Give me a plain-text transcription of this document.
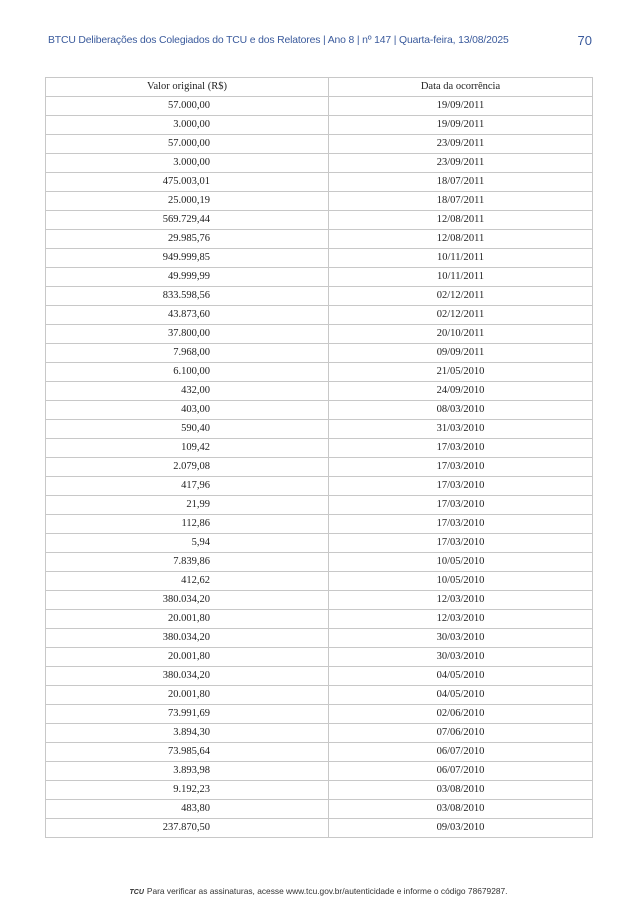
BTCU Deliberações dos Colegiados do TCU e dos Relatores | Ano 8 | nº 147 | Quarta-feira, 13/08/2025	70
Valor original (R$)	Data da ocorrência
57.000,00	19/09/2011
3.000,00	19/09/2011
57.000,00	23/09/2011
3.000,00	23/09/2011
475.003,01	18/07/2011
25.000,19	18/07/2011
569.729,44	12/08/2011
29.985,76	12/08/2011
949.999,85	10/11/2011
49.999,99	10/11/2011
833.598,56	02/12/2011
43.873,60	02/12/2011
37.800,00	20/10/2011
7.968,00	09/09/2011
6.100,00	21/05/2010
432,00	24/09/2010
403,00	08/03/2010
590,40	31/03/2010
109,42	17/03/2010
2.079,08	17/03/2010
417,96	17/03/2010
21,99	17/03/2010
112,86	17/03/2010
5,94	17/03/2010
7.839,86	10/05/2010
412,62	10/05/2010
380.034,20	12/03/2010
20.001,80	12/03/2010
380.034,20	30/03/2010
20.001,80	30/03/2010
380.034,20	04/05/2010
20.001,80	04/05/2010
73.991,69	02/06/2010
3.894,30	07/06/2010
73.985,64	06/07/2010
3.893,98	06/07/2010
9.192,23	03/08/2010
483,80	03/08/2010
237.870,50	09/03/2010
TCU Para verificar as assinaturas, acesse www.tcu.gov.br/autenticidade e informe o código 78679287.
